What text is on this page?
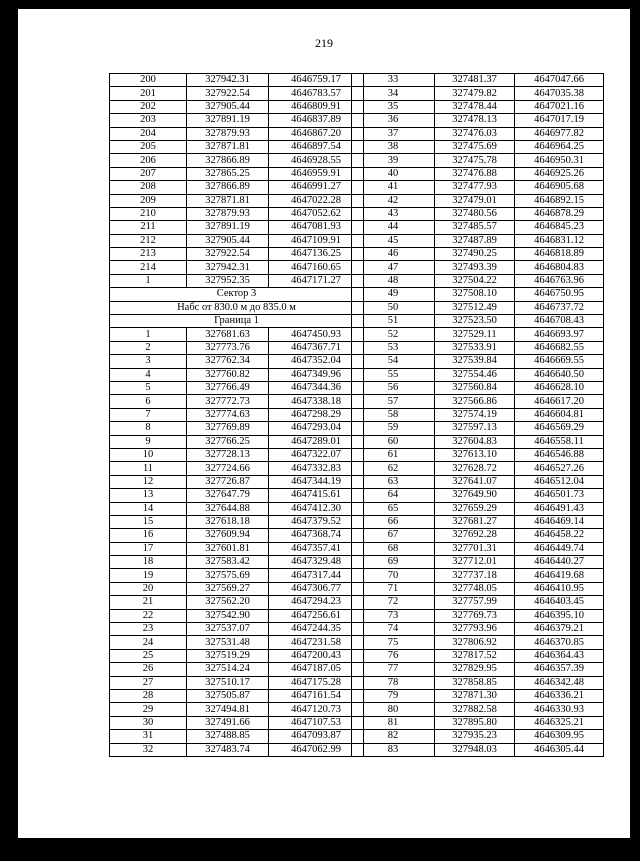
219
200	327942.31	4646759.17
201	327922.54	4646783.57
202	327905.44	4646809.91
203	327891.19	4646837.89
204	327879.93	4646867.20
205	327871.81	4646897.54
206	327866.89	4646928.55
207	327865.25	4646959.91
208	327866.89	4646991.27
209	327871.81	4647022.28
210	327879.93	4647052.62
211	327891.19	4647081.93
212	327905.44	4647109.91
213	327922.54	4647136.25
214	327942.31	4647160.65
1	327952.35	4647171.27
Сектор 3		
Набс от 830.0 м до 835.0 м		
Граница 1		
1	327681.63	4647450.93
2	327773.76	4647367.71
3	327762.34	4647352.04
4	327760.82	4647349.96
5	327766.49	4647344.36
6	327772.73	4647338.18
7	327774.63	4647298.29
8	327769.89	4647293.04
9	327766.25	4647289.01
10	327728.13	4647322.07
11	327724.66	4647332.83
12	327726.87	4647344.19
13	327647.79	4647415.61
14	327644.88	4647412.30
15	327618.18	4647379.52
16	327609.94	4647368.74
17	327601.81	4647357.41
18	327583.42	4647329.48
19	327575.69	4647317.44
20	327569.27	4647306.77
21	327562.20	4647294.23
22	327542.90	4647256.61
23	327537.07	4647244.35
24	327531.48	4647231.58
25	327519.29	4647200.43
26	327514.24	4647187.05
27	327510.17	4647175.28
28	327505.87	4647161.54
29	327494.81	4647120.73
30	327491.66	4647107.53
31	327488.85	4647093.87
32	327483.74	4647062.99
33	327481.37	4647047.66
34	327479.82	4647035.38
35	327478.44	4647021.16
36	327478.13	4647017.19
37	327476.03	4646977.82
38	327475.69	4646964.25
39	327475.78	4646950.31
40	327476.88	4646925.26
41	327477.93	4646905.68
42	327479.01	4646892.15
43	327480.56	4646878.29
44	327485.57	4646845.23
45	327487.89	4646831.12
46	327490.25	4646818.89
47	327493.39	4646804.83
48	327504.22	4646763.96
49	327508.10	4646750.95
50	327512.49	4646737.72
51	327523.50	4646708.43
52	327529.11	4646693.97
53	327533.91	4646682.55
54	327539.84	4646669.55
55	327554.46	4646640.50
56	327560.84	4646628.10
57	327566.86	4646617.20
58	327574.19	4646604.81
59	327597.13	4646569.29
60	327604.83	4646558.11
61	327613.10	4646546.88
62	327628.72	4646527.26
63	327641.07	4646512.04
64	327649.90	4646501.73
65	327659.29	4646491.43
66	327681.27	4646469.14
67	327692.28	4646458.22
68	327701.31	4646449.74
69	327712.01	4646440.27
70	327737.18	4646419.68
71	327748.05	4646410.95
72	327757.99	4646403.45
73	327769.73	4646395.10
74	327793.96	4646379.21
75	327806.92	4646370.85
76	327817.52	4646364.43
77	327829.95	4646357.39
78	327858.85	4646342.48
79	327871.30	4646336.21
80	327882.58	4646330.93
81	327895.80	4646325.21
82	327935.23	4646309.95
83	327948.03	4646305.44
